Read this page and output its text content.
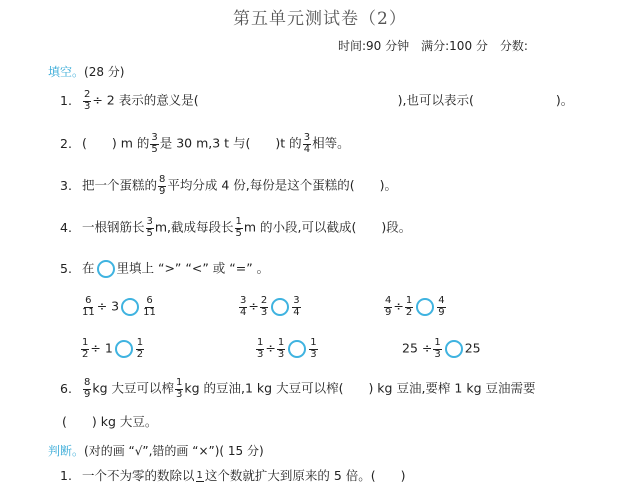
第五单元测试卷（2）
时间:90 分钟　满分:100 分　分数:
填空。(28 分)
1. $\frac{2}{3} \div 2$ 表示的意义是(	),也可以表示(	)。
2. (　　) m 的 $\frac{3}{5}$ 是 30 m,3 t 与(　　)t 的 $\frac{3}{4}$ 相等。
3. 把一个蛋糕的 $\frac{8}{9}$ 平均分成 4 份,每份是这个蛋糕的(　　)。
4. 一根钢筋长 $\frac{3}{5} m$,截成每段长 $\frac{1}{5}$ m 的小段,可以截成(　　)段。
5. 在 里填上 “>” “<” 或 “=” 。
$\frac{6}{11} \div 3 \frac{6}{11}$	$\frac{3}{4} \div \frac{2}{3} \frac{3}{4}$	$\frac{4}{9} \div \frac{1}{2} \frac{4}{9}$
$\frac{1}{2} \div 1 \frac{1}{2}$	$\frac{1}{3} \div \frac{1}{3} \frac{1}{3}$	$25 \div \frac{1}{3} 25$
6. $\frac{8}{9}$ kg 大豆可以榨 $\frac{1}{3}$ kg 的豆油,1 kg 大豆可以榨(　　) kg 豆油,要榨 1 kg 豆油需要
(　　) kg 大豆。
判断。(对的画 “√”,错的画 “×”)( 15 分)
1. 一个不为零的数除以 1 这个数就扩大到原来的 5 倍。(　　)
